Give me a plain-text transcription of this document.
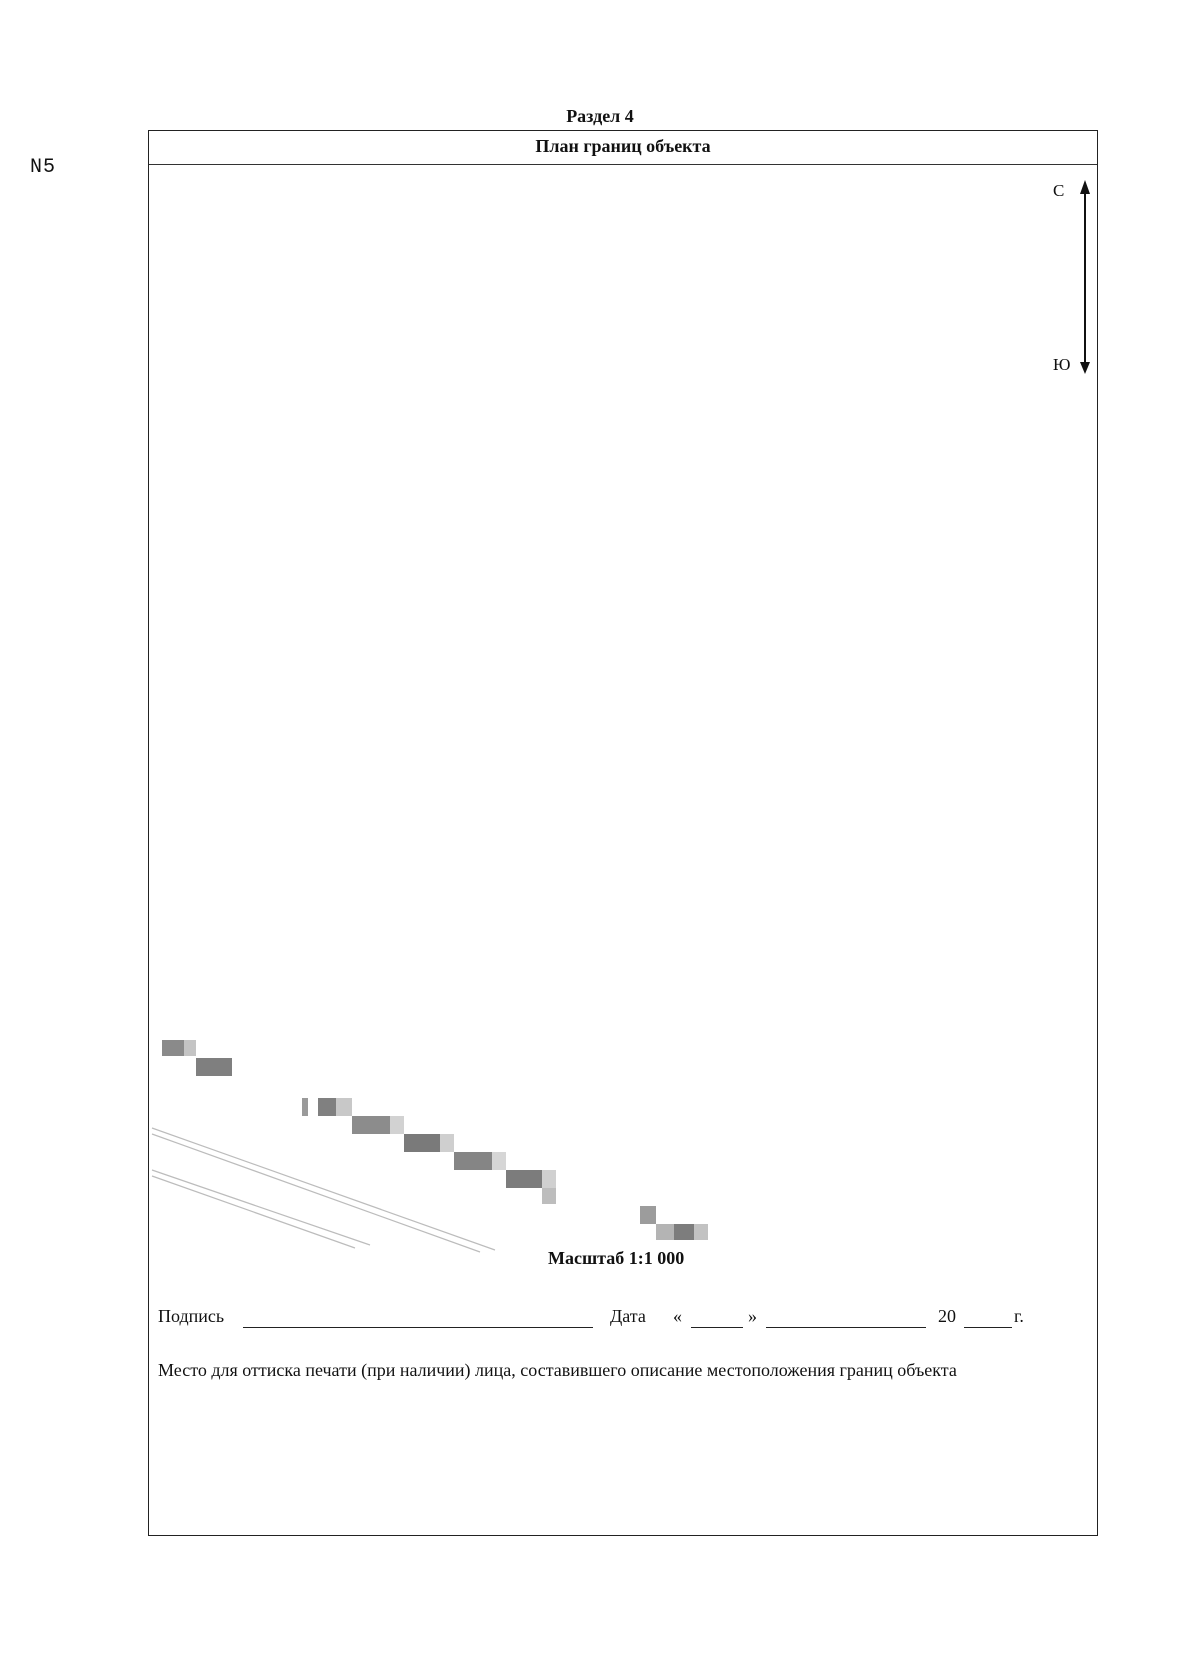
Раздел 4
План границ объекта
N5
С
Ю
Масштаб 1:1 000
Подпись	Дата «	»	20	г.
Место для оттиска печати (при наличии) лица, составившего описание местоположения границ объекта
